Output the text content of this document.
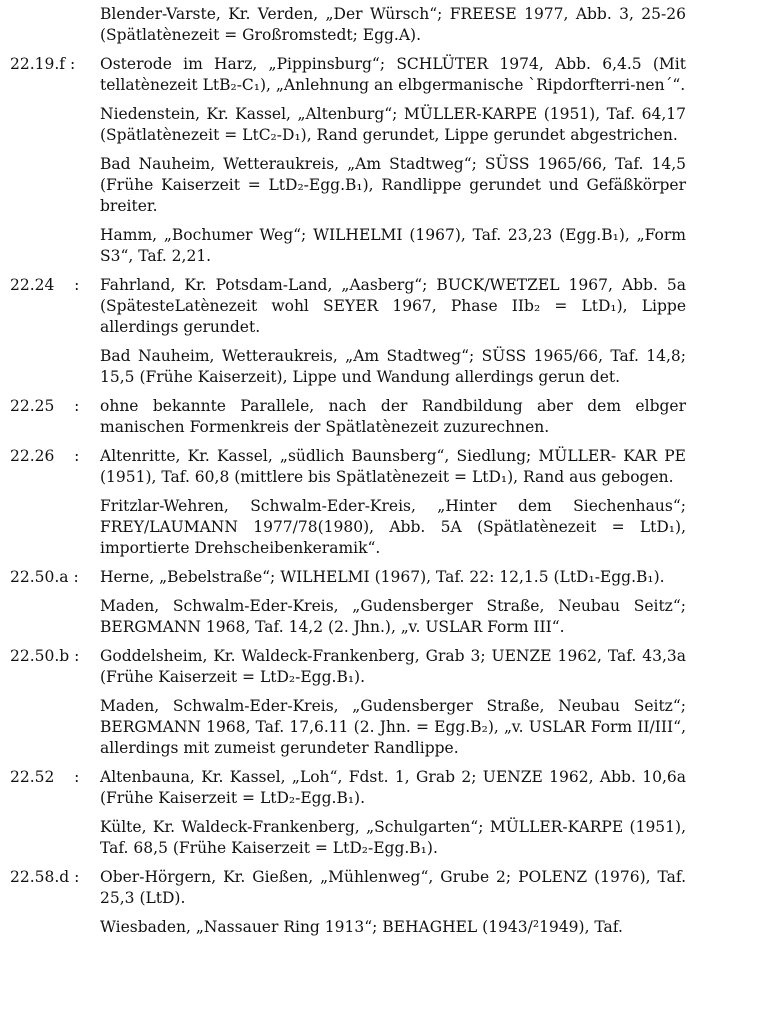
Blender-Varste, Kr. Verden, „Der Würsch“; FREESE 1977, Abb. 3, 25-26 (Spätlatènezeit = Großromstedt; Egg.A).

22.19.f :	Osterode im Harz, „Pippinsburg“; SCHLÜTER 1974, Abb. 6,4.5 (Mit tellatènezeit LtB₂-C₁), „Anlehnung an elbgermanische `Ripdorfterri-nen´“.

Niedenstein, Kr. Kassel, „Altenburg“; MÜLLER-KARPE (1951), Taf. 64,17 (Spätlatènezeit = LtC₂-D₁), Rand gerundet, Lippe gerundet abgestrichen.

Bad Nauheim, Wetteraukreis, „Am Stadtweg“; SÜSS 1965/66, Taf. 14,5 (Frühe Kaiserzeit = LtD₂-Egg.B₁), Randlippe gerundet und Gefäßkörper breiter.

Hamm, „Bochumer Weg“; WILHELMI (1967), Taf. 23,23 (Egg.B₁), „Form S3“, Taf. 2,21.

22.24    :	Fahrland, Kr. Potsdam-Land, „Aasberg“; BUCK/WETZEL 1967, Abb. 5a (SpätesteLatènezeit wohl SEYER 1967, Phase IIb₂ = LtD₁), Lippe allerdings gerundet.

Bad Nauheim, Wetteraukreis, „Am Stadtweg“; SÜSS 1965/66, Taf. 14,8; 15,5 (Frühe Kaiserzeit), Lippe und Wandung allerdings gerun det.

22.25    :	ohne bekannte Parallele, nach der Randbildung aber dem elbger manischen Formenkreis der Spätlatènezeit zuzurechnen.

22.26    :	Altenritte, Kr. Kassel, „südlich Baunsberg“, Siedlung; MÜLLER- KAR PE (1951), Taf. 60,8 (mittlere bis Spätlatènezeit = LtD₁), Rand aus gebogen.

Fritzlar-Wehren, Schwalm-Eder-Kreis, „Hinter dem Siechenhaus“; FREY/LAUMANN 1977/78(1980), Abb. 5A (Spätlatènezeit = LtD₁), importierte Drehscheibenkeramik“.

22.50.a :	Herne, „Bebelstraße“; WILHELMI (1967), Taf. 22: 12,1.5 (LtD₁-Egg.B₁).

Maden, Schwalm-Eder-Kreis, „Gudensberger Straße, Neubau Seitz“; BERGMANN 1968, Taf. 14,2 (2. Jhn.), „v. USLAR Form III“.

22.50.b :	Goddelsheim, Kr. Waldeck-Frankenberg, Grab 3; UENZE 1962, Taf. 43,3a (Frühe Kaiserzeit = LtD₂-Egg.B₁).

Maden, Schwalm-Eder-Kreis, „Gudensberger Straße, Neubau Seitz“; BERGMANN 1968, Taf. 17,6.11 (2. Jhn. = Egg.B₂), „v. USLAR Form II/III“, allerdings mit zumeist gerundeter Randlippe.

22.52    :	Altenbauna, Kr. Kassel, „Loh“, Fdst. 1, Grab 2; UENZE 1962, Abb. 10,6a (Frühe Kaiserzeit = LtD₂-Egg.B₁).

Külte, Kr. Waldeck-Frankenberg, „Schulgarten“; MÜLLER-KARPE (1951), Taf. 68,5 (Frühe Kaiserzeit = LtD₂-Egg.B₁).

22.58.d :	Ober-Hörgern, Kr. Gießen, „Mühlenweg“, Grube 2; POLENZ (1976), Taf. 25,3 (LtD).

Wiesbaden, „Nassauer Ring 1913“; BEHAGHEL (1943/²1949), Taf.
